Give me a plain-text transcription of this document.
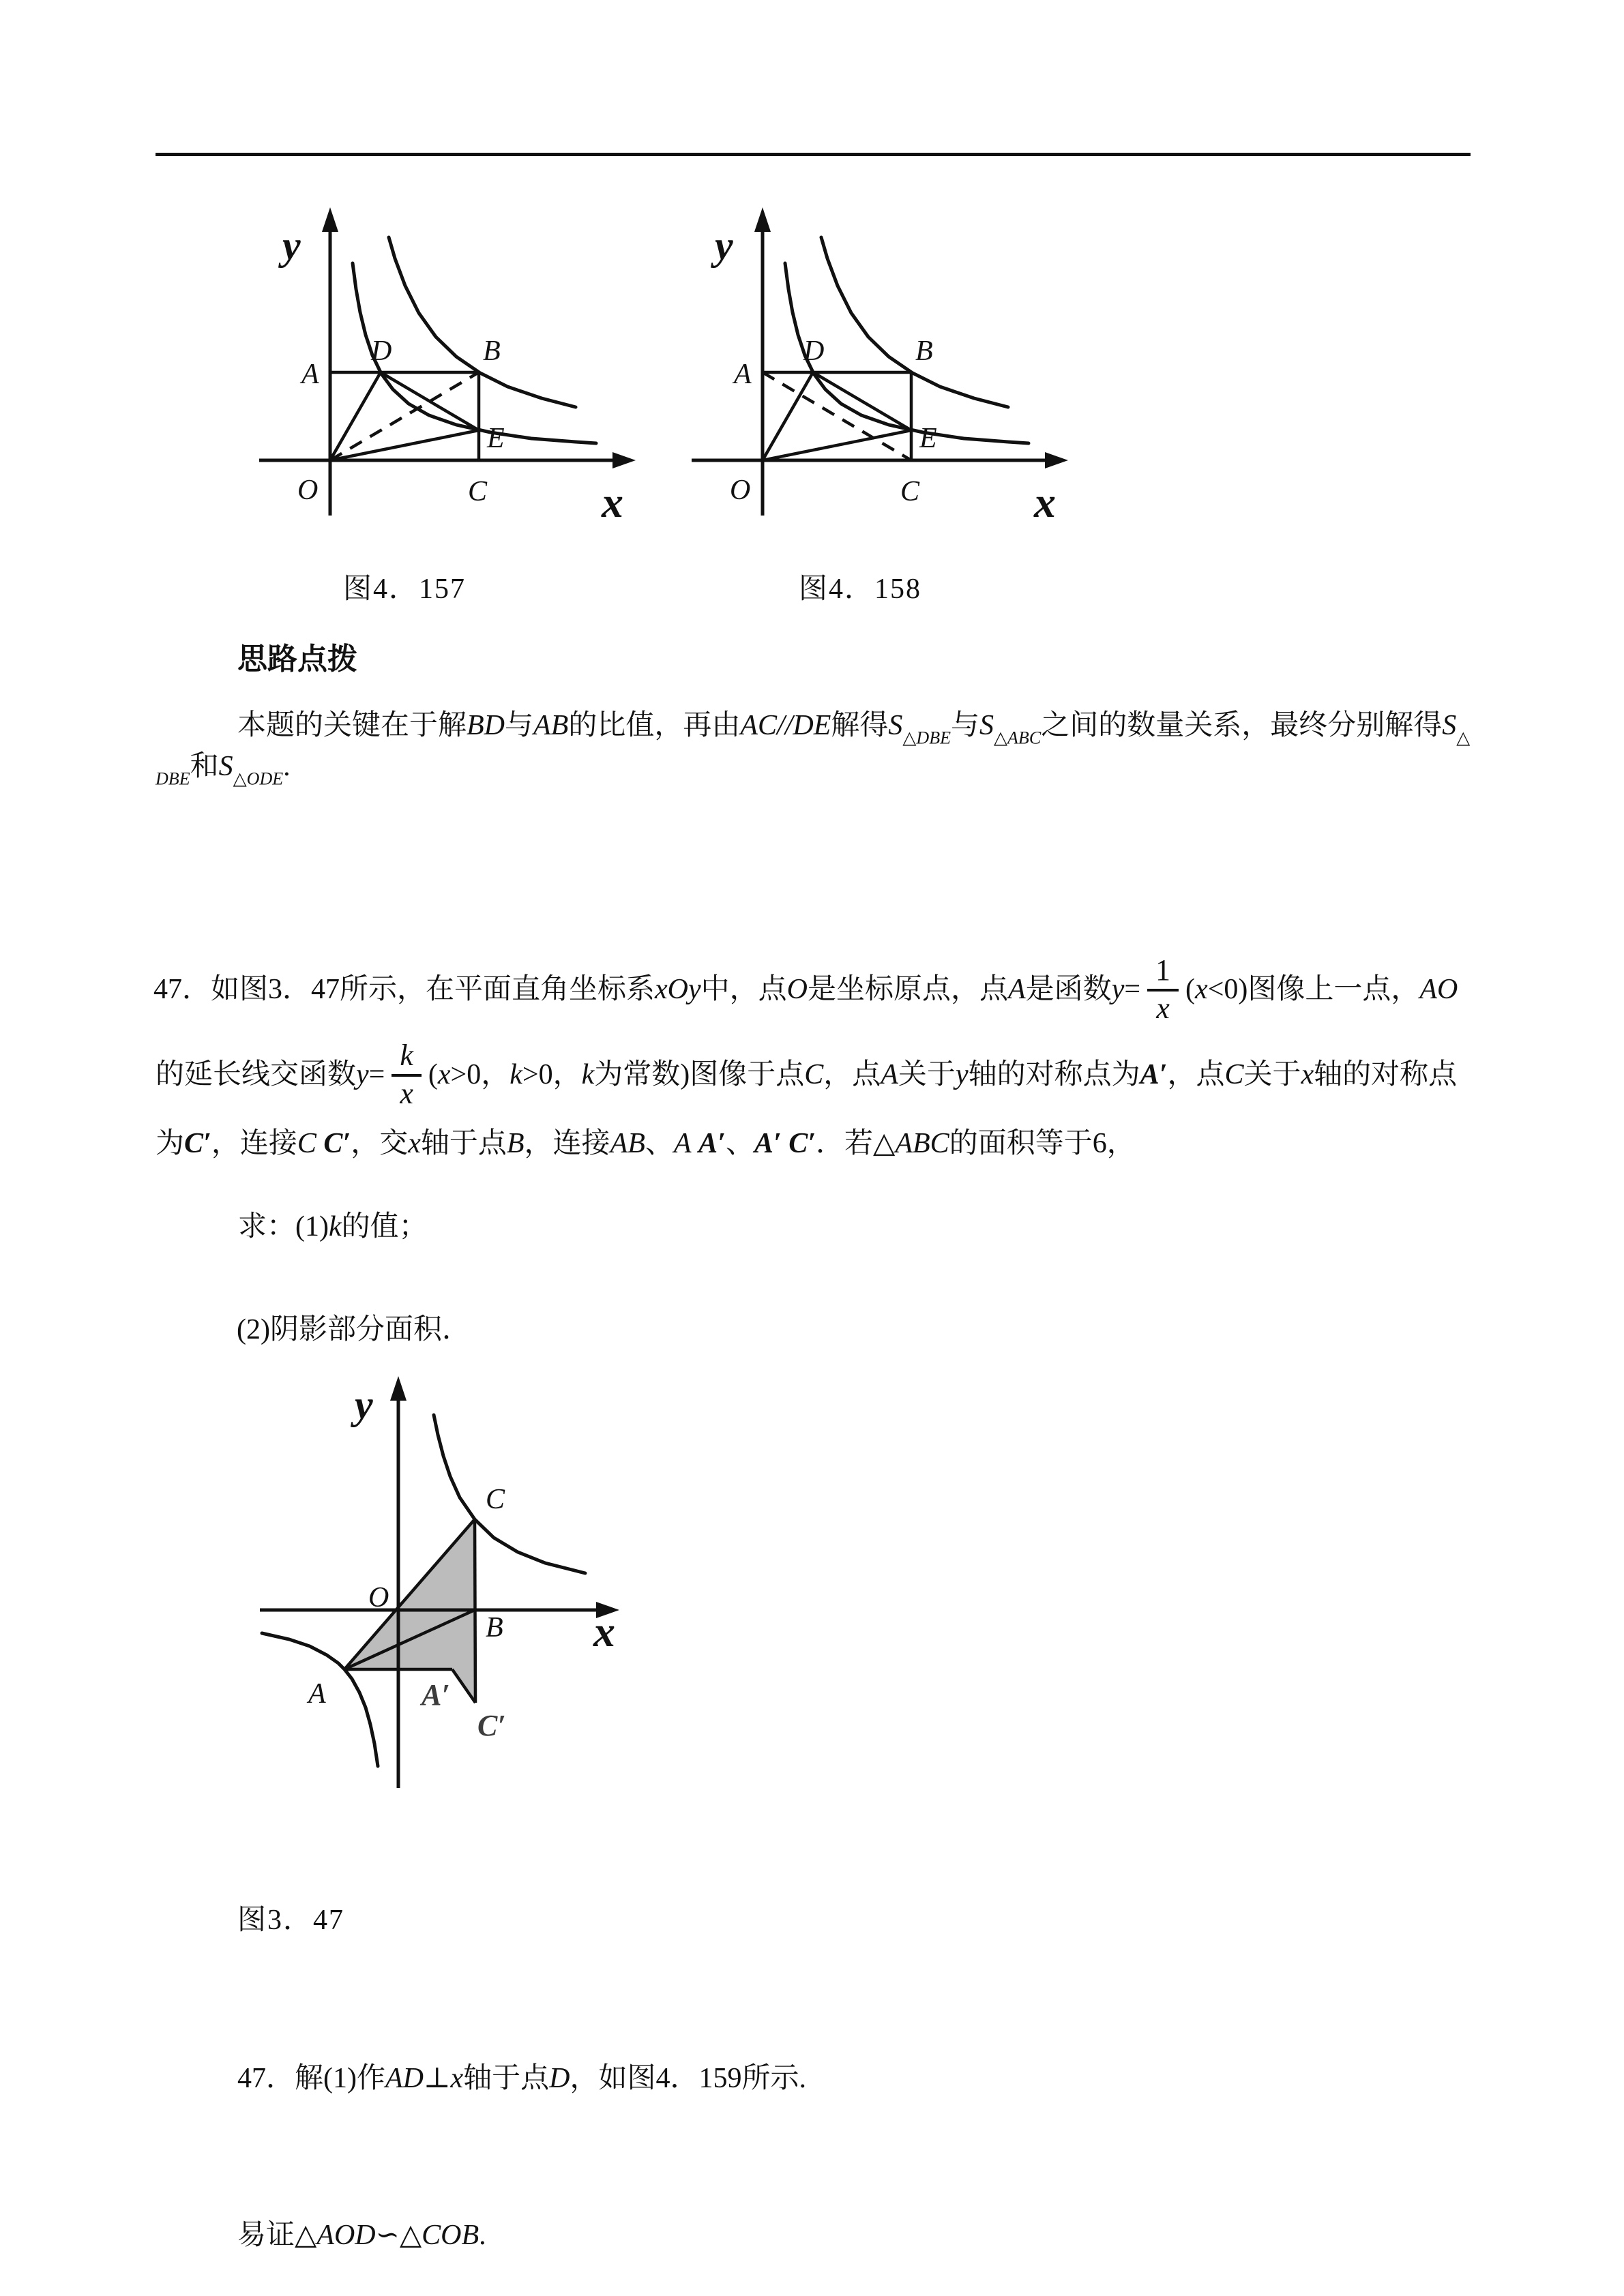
y
x
O
A
D	B
E
C
y
x
O
A
D	B
E
C
y
x
O
C
B
A	A′
C′
图4．157	图4．158
思路点拨
本题的关键在于解BD与AB的比值，再由AC//DE解得$S_{\triangle DBE}$与$S_{\triangle ABC}$之间的数量关系，最终分别解得$S_\triangle$
$_{DBE}$和$S_{\triangle ODE}$.
47．如图3．47所示，在平面直角坐标系 xOy 中，点 O 是坐标原点，点 A 是函数 $y = \frac{1}{x}$ ( x <0)图像上一点， AO
的延长线交函数 $y = \frac{k}{x}$ ( x >0， k >0， k 为常数)图像于点 C ，点 A 关于 y 轴的对称点为 A′ ，点 C 关于 x 轴的对称点
为C′，连接C C′，交x轴于点B，连接AB、A A′、A′ C′．若△ABC的面积等于6，
求：(1)k的值；
(2)阴影部分面积．
图3．47
47．解(1)作AD⊥x轴于点D，如图4．159所示.
易证△AOD∽△COB.
